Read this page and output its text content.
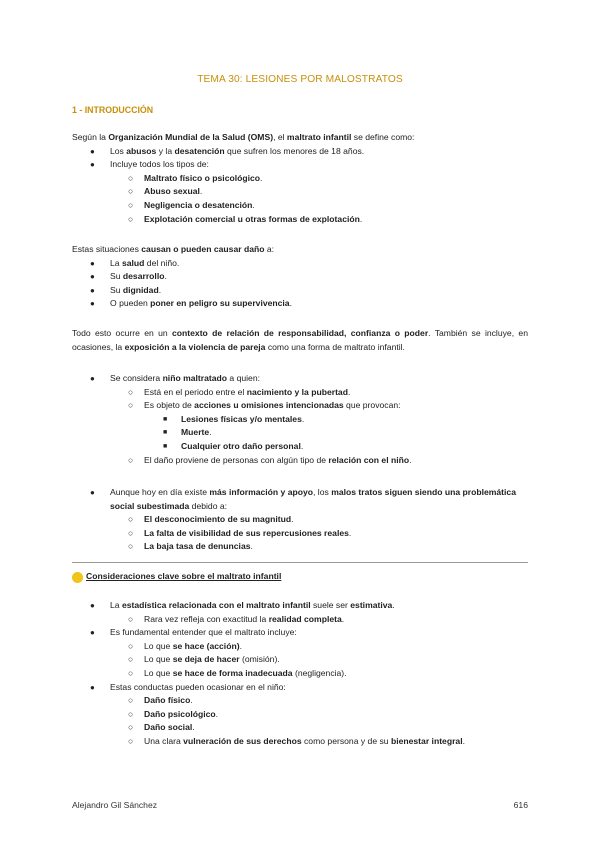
TEMA 30: LESIONES POR MALOSTRATOS
1 - INTRODUCCIÓN
Según la Organización Mundial de la Salud (OMS), el maltrato infantil se define como:
● Los abusos y la desatención que sufren los menores de 18 años.
● Incluye todos los tipos de:
○ Maltrato físico o psicológico.
○ Abuso sexual.
○ Negligencia o desatención.
○ Explotación comercial u otras formas de explotación.
Estas situaciones causan o pueden causar daño a:
● La salud del niño.
● Su desarrollo.
● Su dignidad.
● O pueden poner en peligro su supervivencia.
Todo esto ocurre en un contexto de relación de responsabilidad, confianza o poder. También se incluye, en ocasiones, la exposición a la violencia de pareja como una forma de maltrato infantil.
● Se considera niño maltratado a quien:
○ Está en el periodo entre el nacimiento y la pubertad.
○ Es objeto de acciones u omisiones intencionadas que provocan:
■ Lesiones físicas y/o mentales.
■ Muerte.
■ Cualquier otro daño personal.
○ El daño proviene de personas con algún tipo de relación con el niño.
● Aunque hoy en día existe más información y apoyo, los malos tratos siguen siendo una problemática
social subestimada debido a:
○ El desconocimiento de su magnitud.
○ La falta de visibilidad de sus repercusiones reales.
○ La baja tasa de denuncias.
Consideraciones clave sobre el maltrato infantil
● La estadística relacionada con el maltrato infantil suele ser estimativa.
○ Rara vez refleja con exactitud la realidad completa.
● Es fundamental entender que el maltrato incluye:
○ Lo que se hace (acción).
○ Lo que se deja de hacer (omisión).
○ Lo que se hace de forma inadecuada (negligencia).
● Estas conductas pueden ocasionar en el niño:
○ Daño físico.
○ Daño psicológico.
○ Daño social.
○ Una clara vulneración de sus derechos como persona y de su bienestar integral.
Alejandro Gil Sánchez	616
